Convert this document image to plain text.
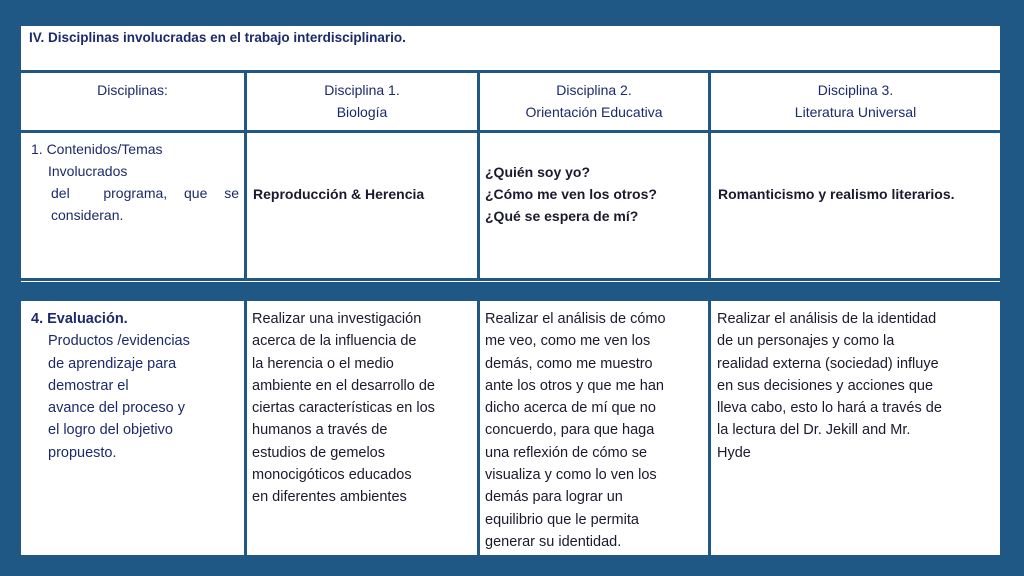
IV. Disciplinas involucradas en el trabajo interdisciplinario.
Disciplinas:	Disciplina 1.
Biología
Disciplina 2.
Orientación Educativa
Disciplina 3.
Literatura Universal
1. Contenidos/Temas
Involucrados
del    programa,  que  se
consideran.
Reproducción & Herencia
¿Quién soy yo?
¿Cómo me ven los otros?
¿Qué se espera de mí?
Romanticismo y realismo literarios.
4. Evaluación.
Productos /evidencias
de aprendizaje para
demostrar el
avance del proceso y
el logro del objetivo
propuesto.
Realizar una investigación
acerca de la influencia de
la herencia o el medio
ambiente en el desarrollo de
ciertas características en los
humanos a través de
estudios de gemelos
monocigóticos educados
en diferentes ambientes
Realizar el análisis de cómo
me veo, como me ven los
demás, como me muestro
ante los otros y que me han
dicho acerca de mí que no
concuerdo, para que haga
una reflexión de cómo se
visualiza y como lo ven los
demás para lograr un
equilibrio que le permita
generar su identidad.
Realizar el análisis de la identidad
de un personajes y como la
realidad externa (sociedad) influye
en sus decisiones y acciones que
lleva cabo, esto lo hará a través de
la lectura del Dr. Jekill and Mr.
Hyde
